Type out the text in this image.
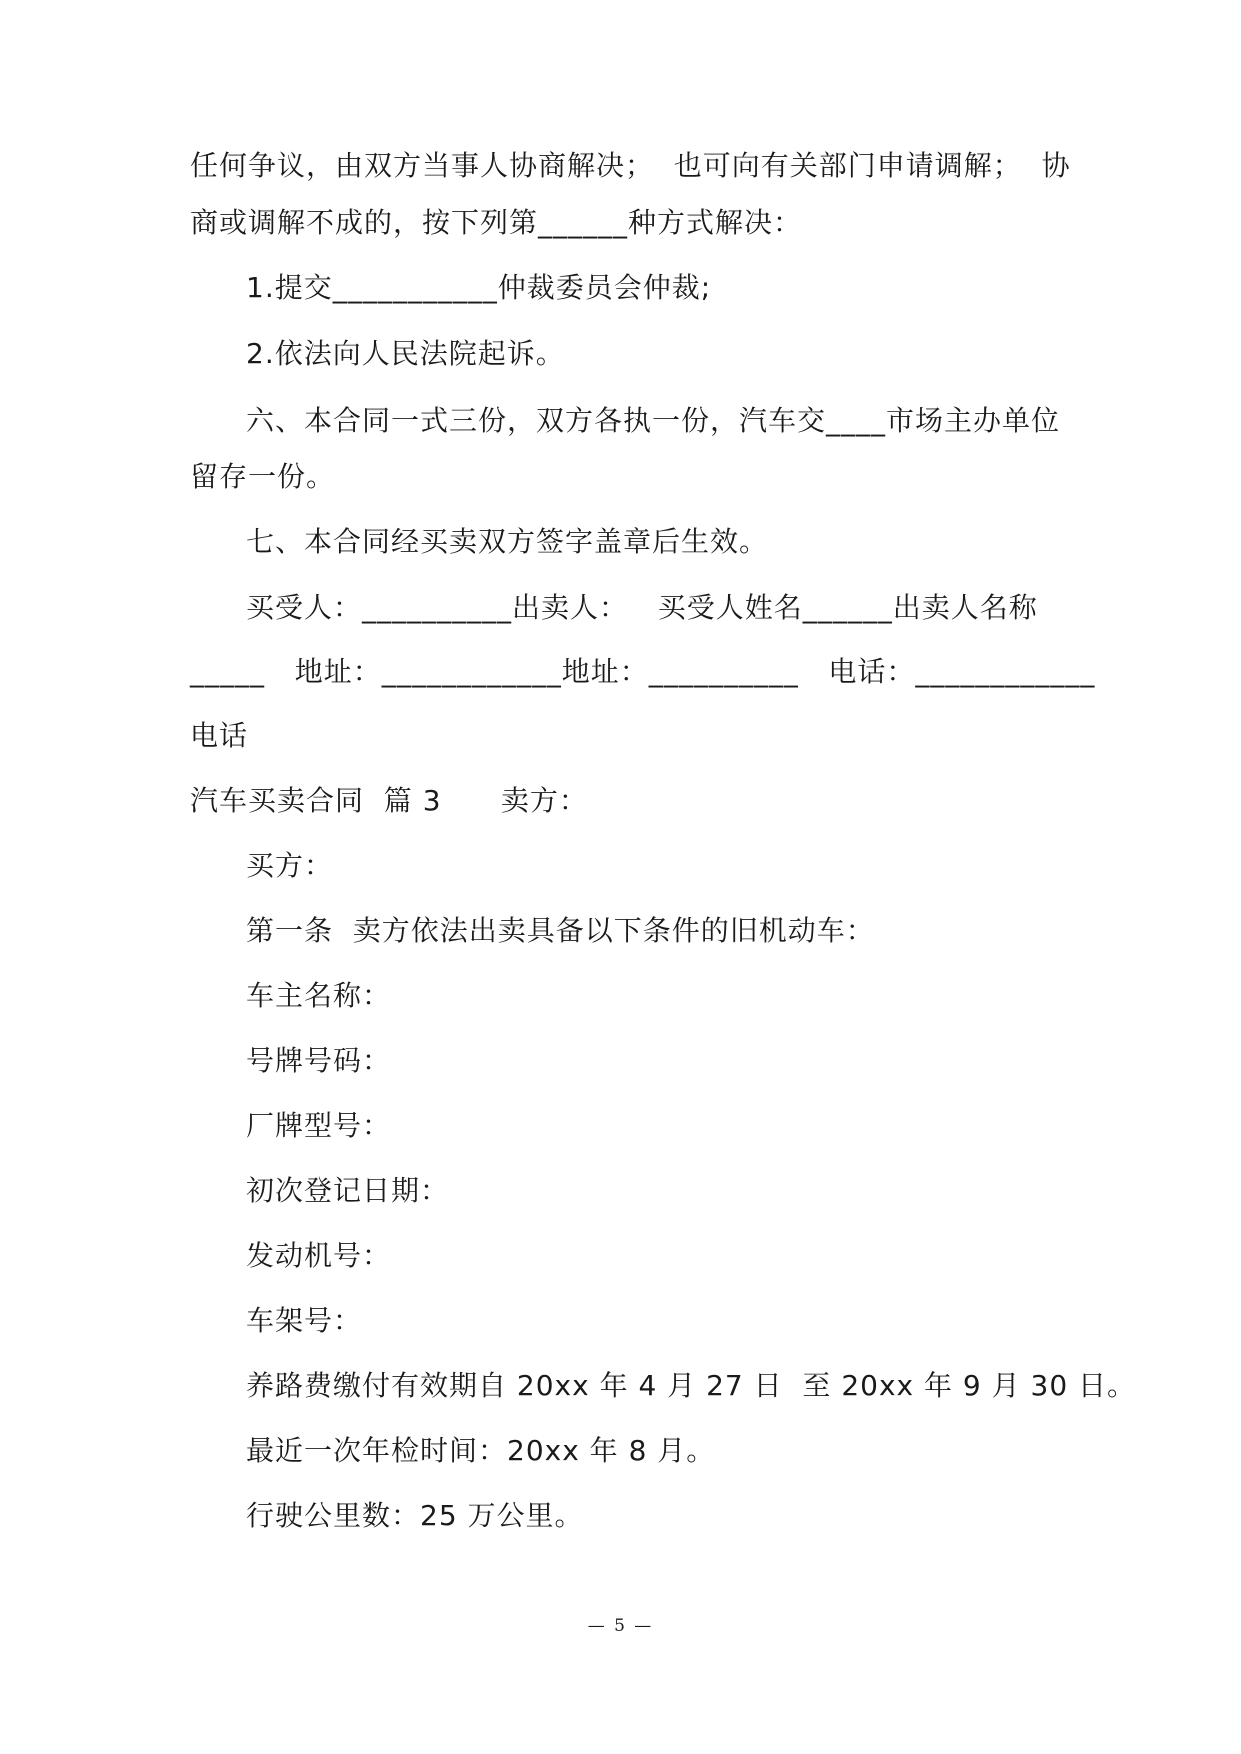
任何争议，由双方当事人协商解决；  也可向有关部门申请调解；  协
商或调解不成的，按下列第______种方式解决：
1.提交___________仲裁委员会仲裁;
2.依法向人民法院起诉。
六、本合同一式三份，双方各执一份，汽车交____市场主办单位
留存一份。
七、本合同经买卖双方签字盖章后生效。
买受人：__________出卖人：   买受人姓名______出卖人名称
_____   地址：____________地址：__________   电话：____________
电话
汽车买卖合同  篇 3      卖方：
买方：
第一条  卖方依法出卖具备以下条件的旧机动车：
车主名称：
号牌号码：
厂牌型号：
初次登记日期：
发动机号：
车架号：
养路费缴付有效期自 20xx 年 4 月 27 日  至 20xx 年 9 月 30 日。
最近一次年检时间：20xx 年 8 月。
行驶公里数：25 万公里。
— 5 —
